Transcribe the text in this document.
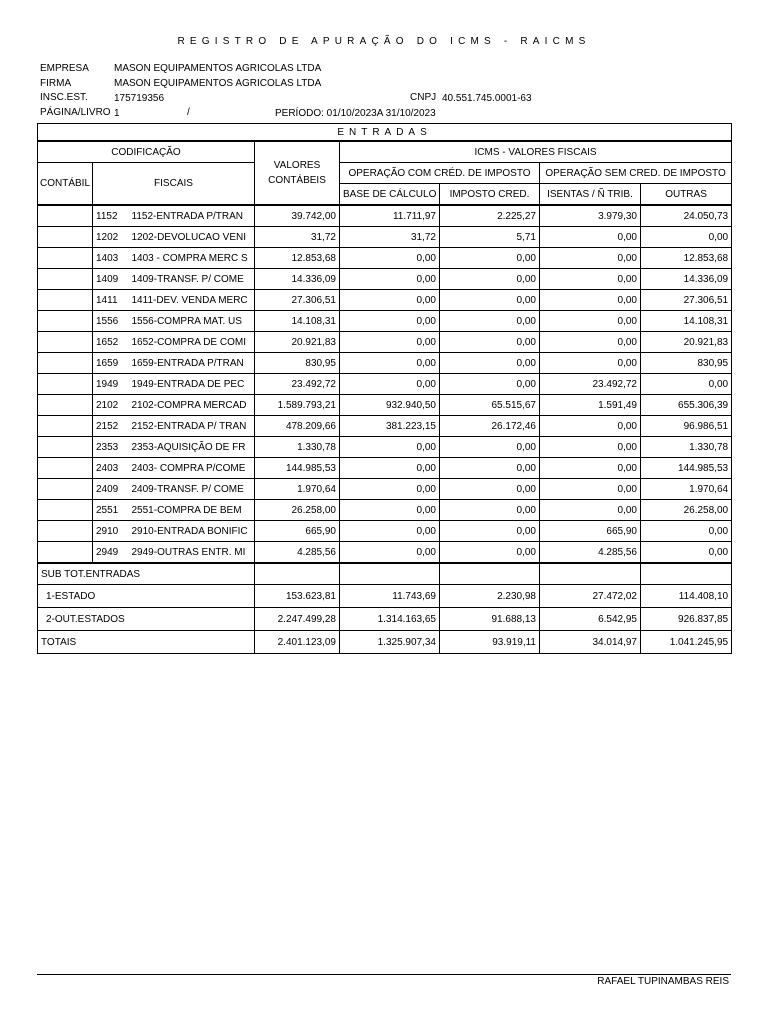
REGISTRO DE APURAÇÃO DO ICMS - RAICMS
EMPRESA	MASON EQUIPAMENTOS AGRICOLAS LTDA
FIRMA	MASON EQUIPAMENTOS AGRICOLAS LTDA
INSC.EST.	175719356	CNPJ 40.551.745.0001-63
PÁGINA/LIVRO 1	/	PERÍODO: 01/10/2023A 31/10/2023
ENTRADAS							
CODIFICAÇÃO			VALORES CONTÁBEIS	ICMS - VALORES FISCAIS			
CONTÁBIL	FISCAIS			OPERAÇÃO COM CRÉD. DE IMPOSTO		OPERAÇÃO SEM CRED. DE IMPOSTO	
				BASE DE CÁLCULO	IMPOSTO CRED.	ISENTAS / Ñ TRIB.	OUTRAS
	1152	1152-ENTRADA P/TRAN	39.742,00	11.711,97	2.225,27	3.979,30	24.050,73
	1202	1202-DEVOLUCAO VENI	31,72	31,72	5,71	0,00	0,00
	1403	1403 - COMPRA MERC S	12.853,68	0,00	0,00	0,00	12.853,68
	1409	1409-TRANSF. P/ COME	14.336,09	0,00	0,00	0,00	14.336,09
	1411	1411-DEV. VENDA MERC	27.306,51	0,00	0,00	0,00	27.306,51
	1556	1556-COMPRA MAT. US	14.108,31	0,00	0,00	0,00	14.108,31
	1652	1652-COMPRA DE COMI	20.921,83	0,00	0,00	0,00	20.921,83
	1659	1659-ENTRADA P/TRAN	830,95	0,00	0,00	0,00	830,95
	1949	1949-ENTRADA DE PEC	23.492,72	0,00	0,00	23.492,72	0,00
	2102	2102-COMPRA MERCAD	1.589.793,21	932.940,50	65.515,67	1.591,49	655.306,39
	2152	2152-ENTRADA P/ TRAN	478.209,66	381.223,15	26.172,46	0,00	96.986,51
	2353	2353-AQUISIÇÃO DE FR	1.330,78	0,00	0,00	0,00	1.330,78
	2403	2403- COMPRA P/COME	144.985,53	0,00	0,00	0,00	144.985,53
	2409	2409-TRANSF. P/ COME	1.970,64	0,00	0,00	0,00	1.970,64
	2551	2551-COMPRA DE BEM	26.258,00	0,00	0,00	0,00	26.258,00
	2910	2910-ENTRADA BONIFIC	665,90	0,00	0,00	665,90	0,00
	2949	2949-OUTRAS ENTR. MI	4.285,56	0,00	0,00	4.285,56	0,00
SUB TOT.ENTRADAS							
1-ESTADO			153.623,81	11.743,69	2.230,98	27.472,02	114.408,10
2-OUT.ESTADOS			2.247.499,28	1.314.163,65	91.688,13	6.542,95	926.837,85
TOTAIS			2.401.123,09	1.325.907,34	93.919,11	34.014,97	1.041.245,95
RAFAEL TUPINAMBAS REIS
